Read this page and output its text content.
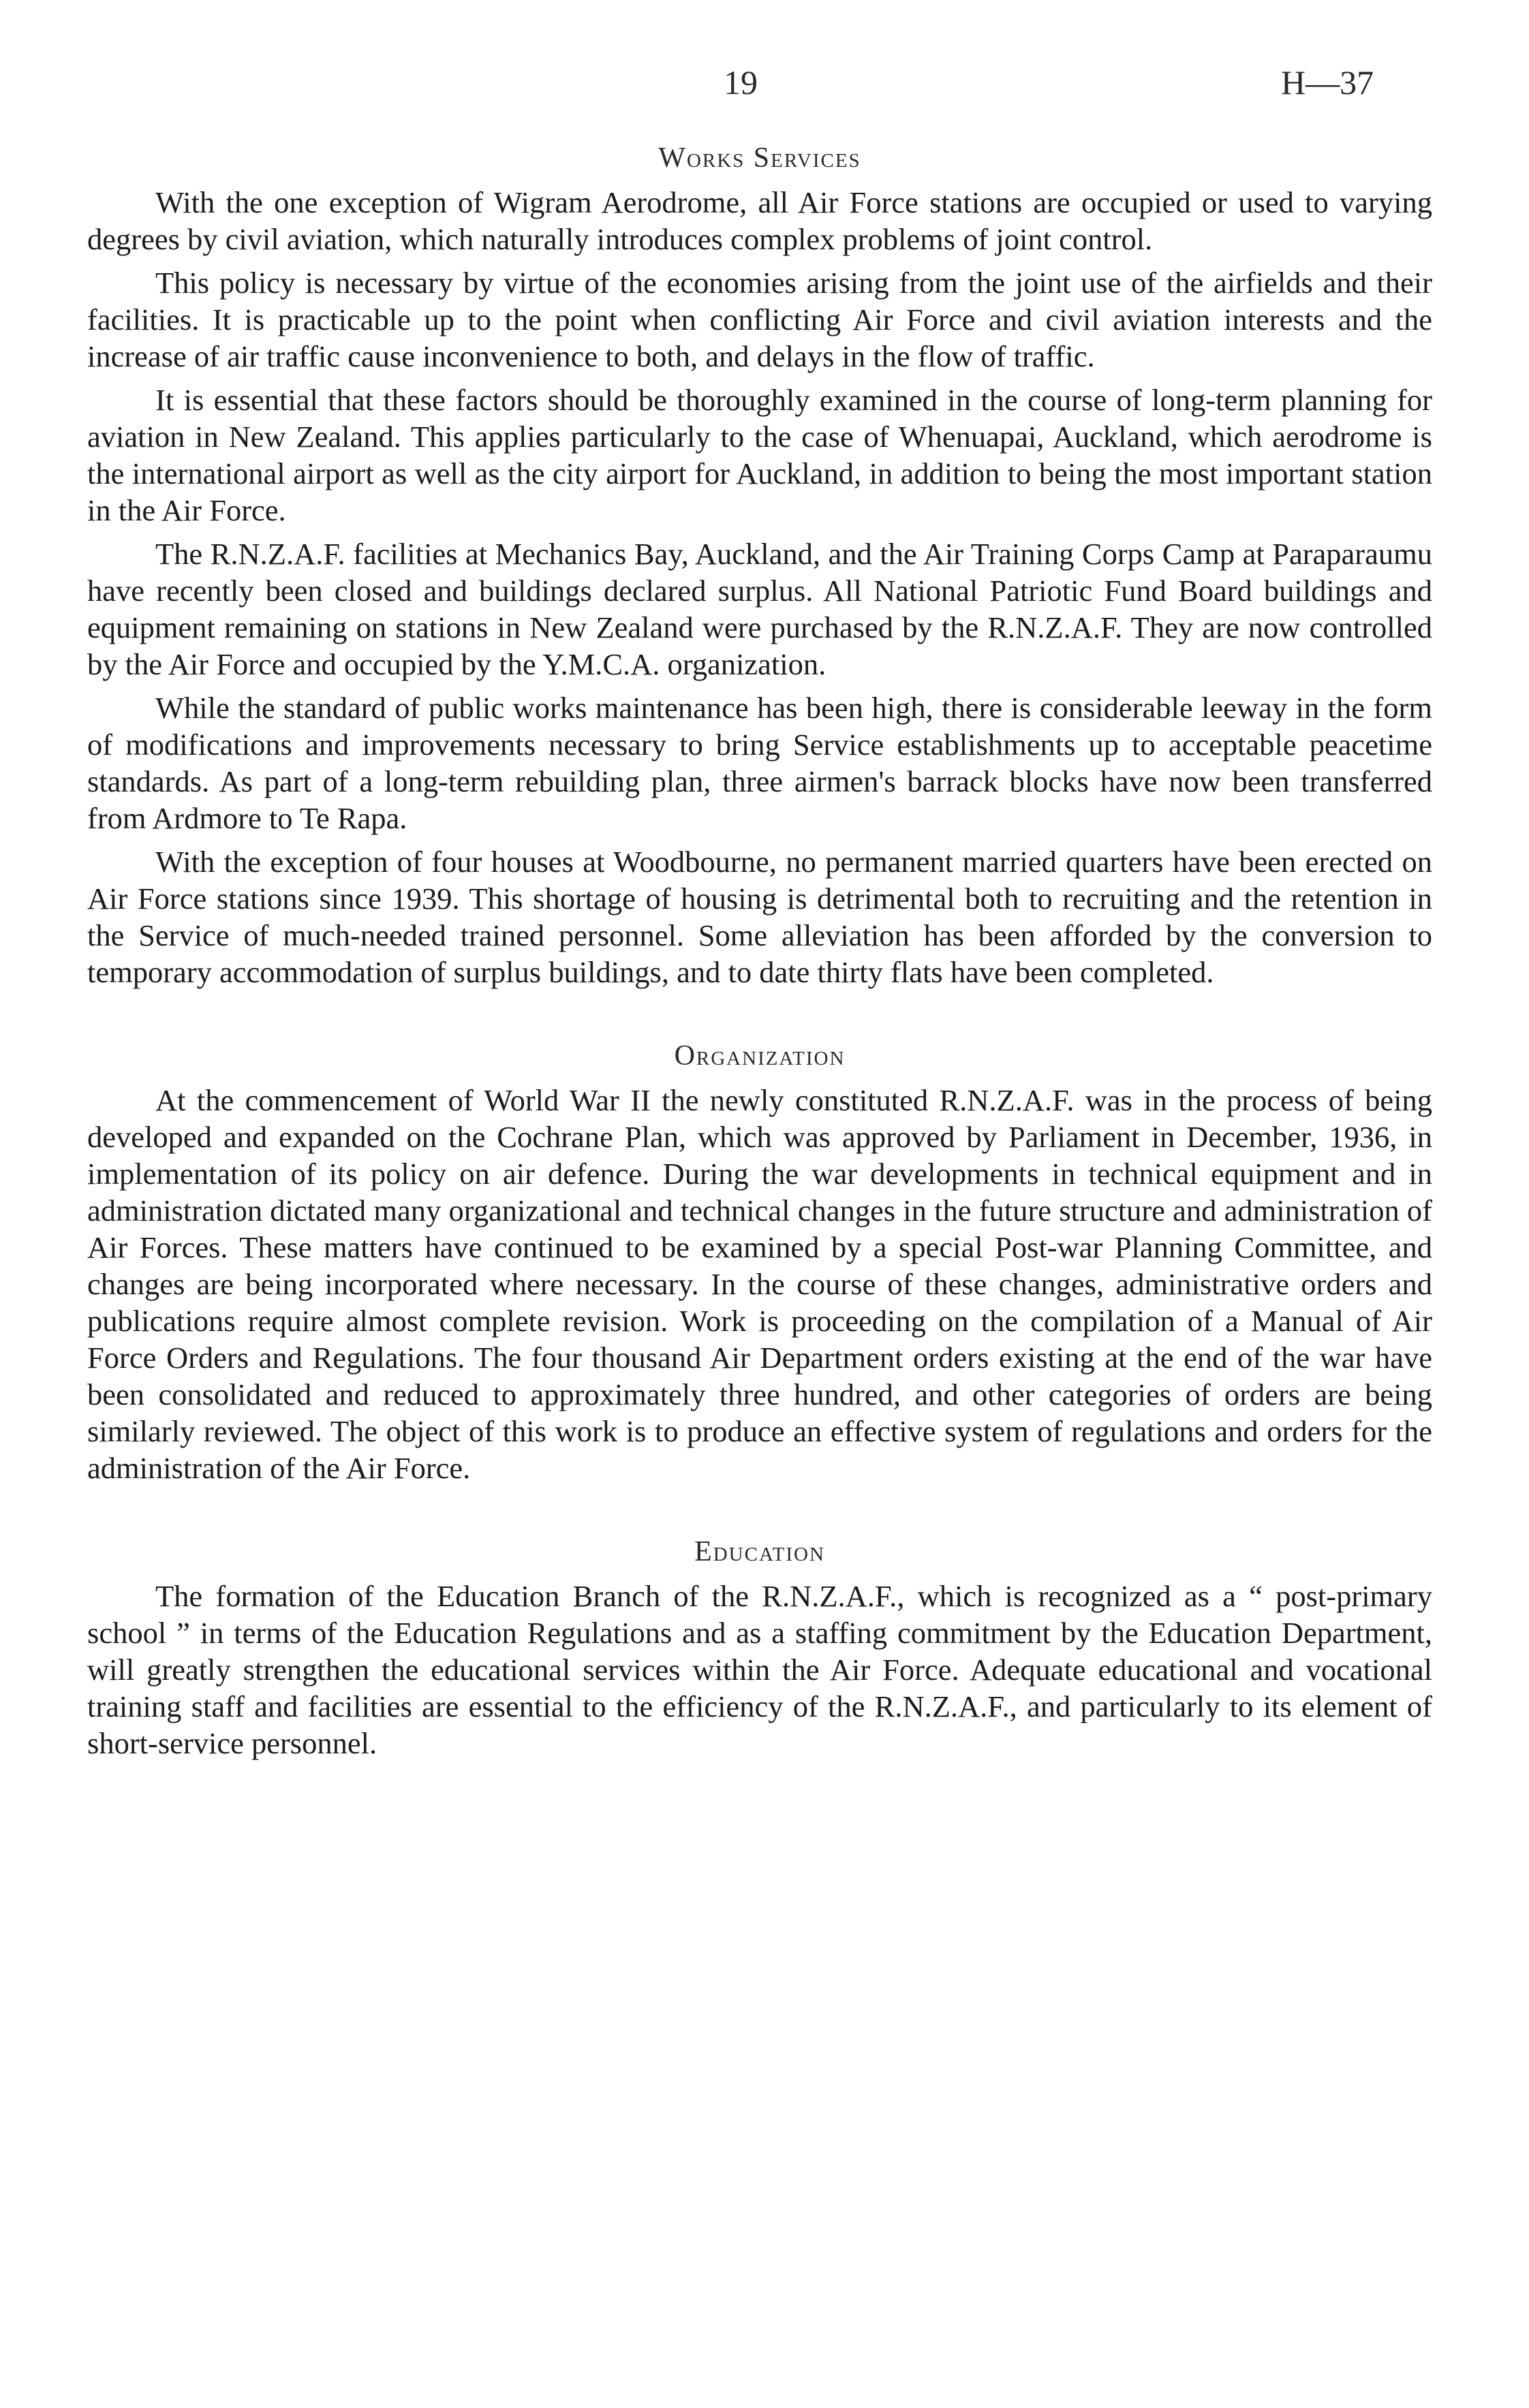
19	H—37
Works Services

With the one exception of Wigram Aerodrome, all Air Force stations are occupied or used to varying degrees by civil aviation, which naturally introduces complex problems of joint control.

This policy is necessary by virtue of the economies arising from the joint use of the airfields and their facilities. It is practicable up to the point when conflicting Air Force and civil aviation interests and the increase of air traffic cause inconvenience to both, and delays in the flow of traffic.

It is essential that these factors should be thoroughly examined in the course of long-term planning for aviation in New Zealand. This applies particularly to the case of Whenuapai, Auckland, which aerodrome is the international airport as well as the city airport for Auckland, in addition to being the most important station in the Air Force.

The R.N.Z.A.F. facilities at Mechanics Bay, Auckland, and the Air Training Corps Camp at Paraparaumu have recently been closed and buildings declared surplus. All National Patriotic Fund Board buildings and equipment remaining on stations in New Zealand were purchased by the R.N.Z.A.F. They are now controlled by the Air Force and occupied by the Y.M.C.A. organization.

While the standard of public works maintenance has been high, there is considerable leeway in the form of modifications and improvements necessary to bring Service establishments up to acceptable peacetime standards. As part of a long-term rebuilding plan, three airmen's barrack blocks have now been transferred from Ardmore to Te Rapa.

With the exception of four houses at Woodbourne, no permanent married quarters have been erected on Air Force stations since 1939. This shortage of housing is detrimental both to recruiting and the retention in the Service of much-needed trained personnel. Some alleviation has been afforded by the conversion to temporary accommodation of surplus buildings, and to date thirty flats have been completed.

Organization

At the commencement of World War II the newly constituted R.N.Z.A.F. was in the process of being developed and expanded on the Cochrane Plan, which was approved by Parliament in December, 1936, in implementation of its policy on air defence. During the war developments in technical equipment and in administration dictated many organizational and technical changes in the future structure and administration of Air Forces. These matters have continued to be examined by a special Post-war Planning Committee, and changes are being incorporated where necessary. In the course of these changes, administrative orders and publications require almost complete revision. Work is proceeding on the compilation of a Manual of Air Force Orders and Regulations. The four thousand Air Department orders existing at the end of the war have been consolidated and reduced to approximately three hundred, and other categories of orders are being similarly reviewed. The object of this work is to produce an effective system of regulations and orders for the administration of the Air Force.

Education

The formation of the Education Branch of the R.N.Z.A.F., which is recognized as a “ post-primary school ” in terms of the Education Regulations and as a staffing commitment by the Education Department, will greatly strengthen the educational services within the Air Force. Adequate educational and vocational training staff and facilities are essential to the efficiency of the R.N.Z.A.F., and particularly to its element of short-service personnel.
